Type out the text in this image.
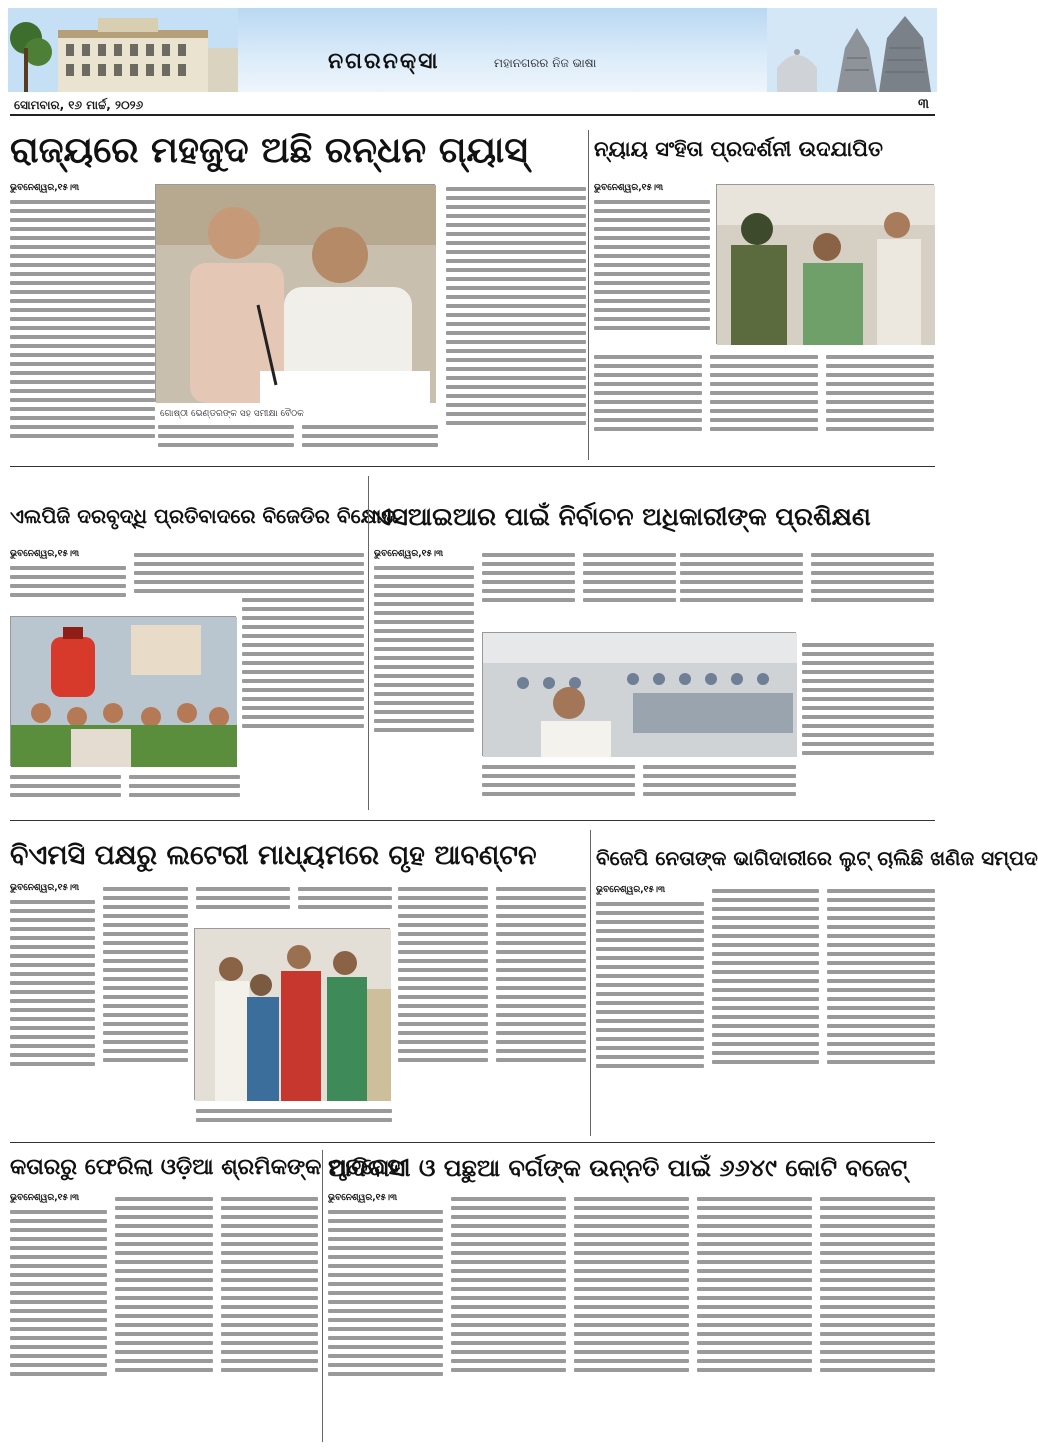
ନଗରନକ୍ସା	ମହାନଗରର ନିଜ ଭାଷା
ସୋମବାର, ୧୬ ମାର୍ଚ୍ଚ, ୨୦୨୬	୩
ରାଜ୍ୟରେ ମହଜୁଦ ଅଛି ରନ୍ଧନ ଗ୍ୟାସ୍
ଭୁବନେଶ୍ୱର,୧୫।୩
ଗୋଷ୍ଠୀ ଭେଣ୍ଡରଙ୍କ ସହ ସମୀକ୍ଷା ବୈଠକ
ନ୍ୟାୟ ସଂହିତା ପ୍ରଦର୍ଶନୀ ଉଦଯାପିତ
ଭୁବନେଶ୍ୱର,୧୫।୩
ଏଲପିଜି ଦରବୃଦ୍ଧି ପ୍ରତିବାଦରେ ବିଜେଡିର ବିକ୍ଷୋଭ
ଭୁବନେଶ୍ୱର,୧୫।୩
ଏସଆଇଆର ପାଇଁ ନିର୍ବାଚନ ଅଧିକାରୀଙ୍କ ପ୍ରଶିକ୍ଷଣ
ଭୁବନେଶ୍ୱର,୧୫।୩
ବିଏମସି ପକ୍ଷରୁ ଲଟେରୀ ମାଧ୍ୟମରେ ଗୃହ ଆବଣ୍ଟନ
ଭୁବନେଶ୍ୱର,୧୫।୩
ବିଜେପି ନେତାଙ୍କ ଭାଗିଦାରୀରେ ଲୁଟ୍ ଚାଲିଛି ଖଣିଜ ସମ୍ପଦ
ଭୁବନେଶ୍ୱର,୧୫।୩
କତାରରୁ ଫେରିଲା ଓଡ଼ିଆ ଶ୍ରମିକଙ୍କ ମୃତଦେହ
ଭୁବନେଶ୍ୱର,୧୫।୩
ଆଦିବାସୀ ଓ ପଛୁଆ ବର୍ଗଙ୍କ ଉନ୍ନତି ପାଇଁ ୬୬୪୯ କୋଟି ବଜେଟ୍
ଭୁବନେଶ୍ୱର,୧୫।୩
